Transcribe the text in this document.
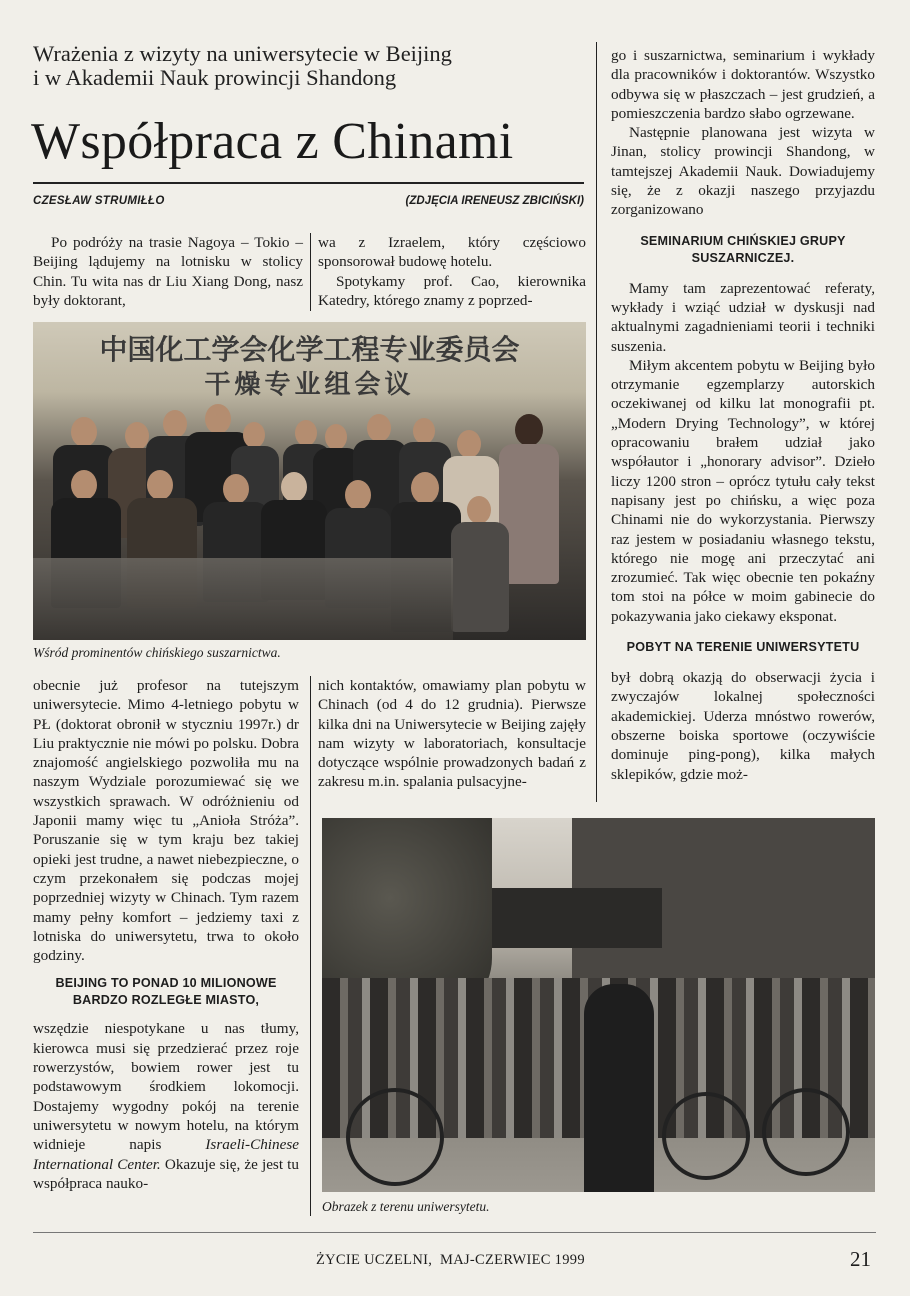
Wrażenia z wizyty na uniwersytecie w Beijing
i w Akademii Nauk prowincji Shandong
Współpraca z Chinami
CZESŁAW STRUMIŁŁO	(ZDJĘCIA IRENEUSZ ZBICIŃSKI)

Po podróży na trasie Nagoya – Tokio – Beijing lądujemy na lotnisku w stolicy Chin. Tu wita nas dr Liu Xiang Dong, nasz były doktorant,

wa z Izraelem, który częściowo sponsorował budowę hotelu.

Spotykamy prof. Cao, kierownika Katedry, którego znamy z poprzed-

go i suszarnictwa, seminarium i wykłady dla pracowników i doktorantów. Wszystko odbywa się w płaszczach – jest grudzień, a pomieszczenia bardzo słabo ogrzewane.

Następnie planowana jest wizyta w Jinan, stolicy prowincji Shandong, w tamtejszej Akademii Nauk. Dowiadujemy się, że z okazji naszego przyjazdu zorganizowano

SEMINARIUM CHIŃSKIEJ GRUPY SUSZARNICZEJ.

Mamy tam zaprezentować referaty, wykłady i wziąć udział w dyskusji nad aktualnymi zagadnieniami teorii i techniki suszenia.

Miłym akcentem pobytu w Beijing było otrzymanie egzemplarzy autorskich oczekiwanej od kilku lat monografii pt. „Modern Drying Technology”, w której opracowaniu brałem udział jako współautor i „honorary advisor”. Dzieło liczy 1200 stron – oprócz tytułu cały tekst napisany jest po chińsku, a więc poza Chinami nie do wykorzystania. Pierwszy raz jestem w posiadaniu własnego tekstu, którego nie mogę ani przeczytać ani zrozumieć. Tak więc obecnie ten pokaźny tom stoi na półce w moim gabinecie do pokazywania jako ciekawy eksponat.

POBYT NA TERENIE UNIWERSYTETU

był dobrą okazją do obserwacji życia i zwyczajów lokalnej społeczności akademickiej. Uderza mnóstwo rowerów, obszerne boiska sportowe (oczywiście dominuje ping-pong), kilka małych sklepików, gdzie moż-

中国化工学会化学工程专业委员会
干燥专业组会议
Wśród prominentów chińskiego suszarnictwa.

obecnie już profesor na tutejszym uniwersytecie. Mimo 4-letniego pobytu w PŁ (doktorat obronił w styczniu 1997r.) dr Liu praktycznie nie mówi po polsku. Dobra znajomość angielskiego pozwoliła mu na naszym Wydziale porozumiewać się we wszystkich sprawach. W odróżnieniu od Japonii mamy więc tu „Anioła Stróża”. Poruszanie się w tym kraju bez takiej opieki jest trudne, a nawet niebezpieczne, o czym przekonałem się podczas mojej poprzedniej wizyty w Chinach. Tym razem mamy pełny komfort – jedziemy taxi z lotniska do uniwersytetu, trwa to około godziny.

BEIJING TO PONAD 10 MILIONOWE BARDZO ROZLEGŁE MIASTO,

wszędzie niespotykane u nas tłumy, kierowca musi się przedzierać przez roje rowerzystów, bowiem rower jest tu podstawowym środkiem lokomocji. Dostajemy wygodny pokój na terenie uniwersytetu w nowym hotelu, na którym widnieje napis Israeli-Chinese International Center. Okazuje się, że jest tu współpraca nauko-

nich kontaktów, omawiamy plan pobytu w Chinach (od 4 do 12 grudnia). Pierwsze kilka dni na Uniwersytecie w Beijing zajęły nam wizyty w laboratoriach, konsultacje dotyczące wspólnie prowadzonych badań z zakresu m.in. spalania pulsacyjne-

Obrazek z terenu uniwersytetu.
ŻYCIE UCZELNI, MAJ-CZERWIEC 1999	21
